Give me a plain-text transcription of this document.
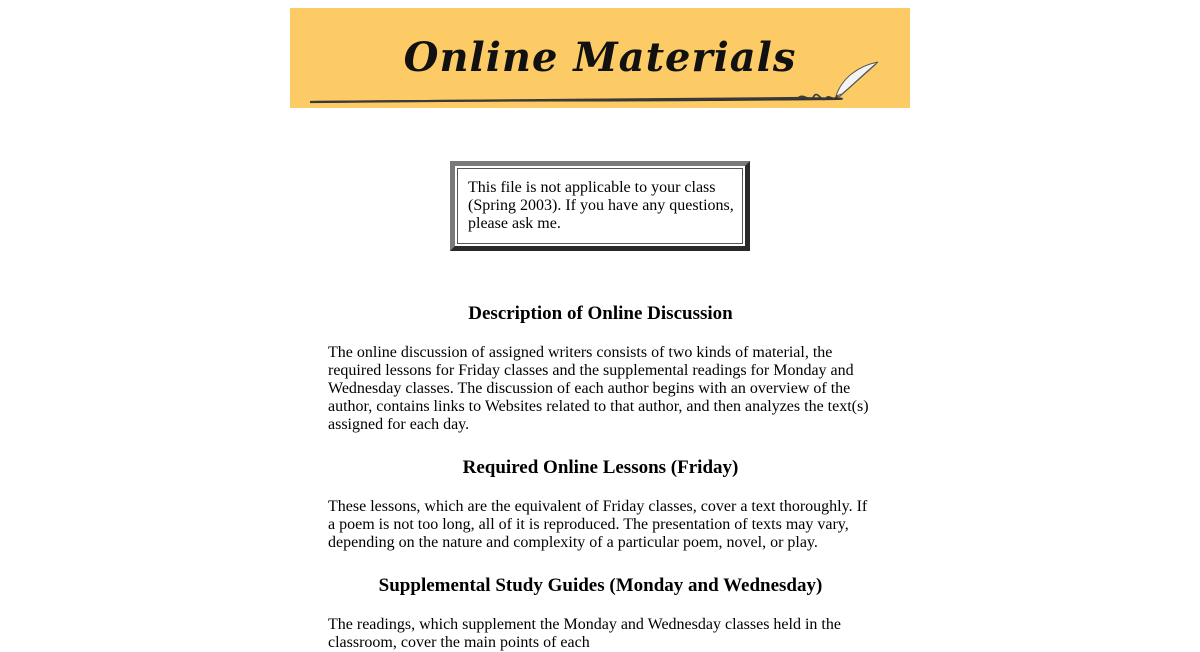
Online Materials
This file is not applicable to your class (Spring 2003). If you have any questions, please ask me.
Description of Online Discussion

The online discussion of assigned writers consists of two kinds of material, the required lessons for Friday classes and the supplemental readings for Monday and Wednesday classes. The discussion of each author begins with an overview of the author, contains links to Websites related to that author, and then analyzes the text(s) assigned for each day.

Required Online Lessons (Friday)

These lessons, which are the equivalent of Friday classes, cover a text thoroughly. If a poem is not too long, all of it is reproduced. The presentation of texts may vary, depending on the nature and complexity of a particular poem, novel, or play.

Supplemental Study Guides (Monday and Wednesday)

The readings, which supplement the Monday and Wednesday classes held in the classroom, cover the main points of each
